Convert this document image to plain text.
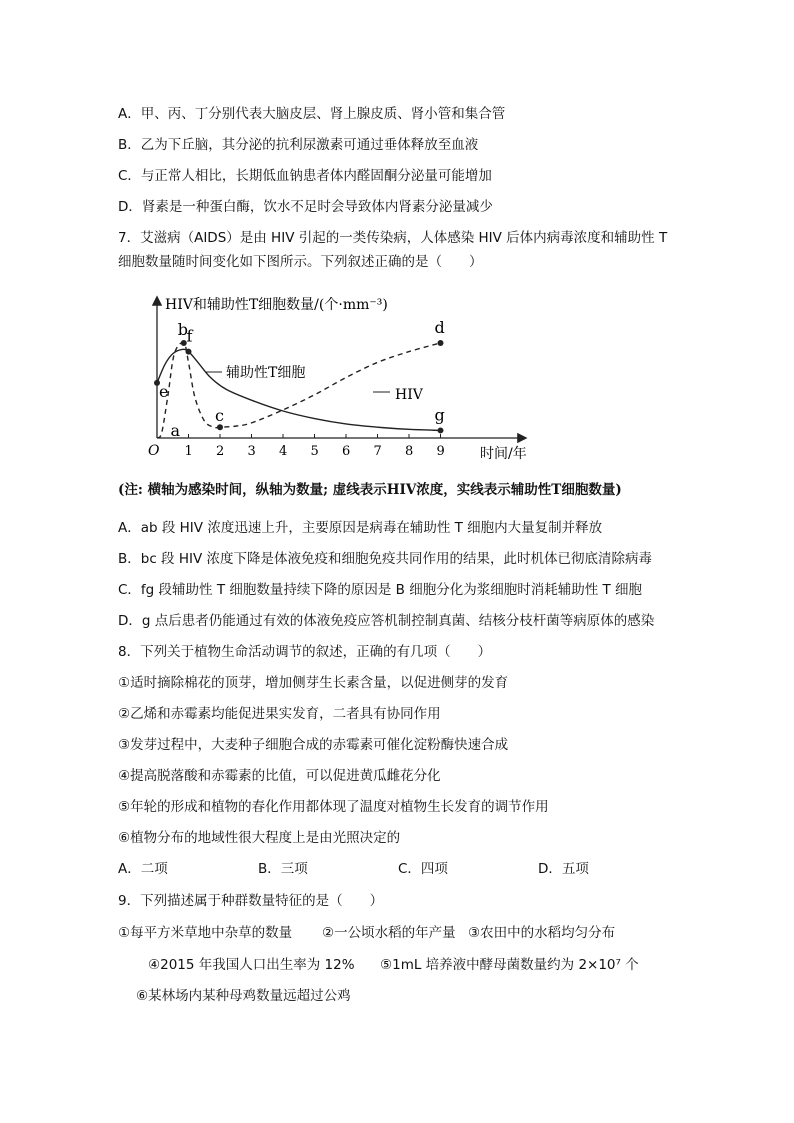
A．甲、丙、丁分别代表大脑皮层、肾上腺皮质、肾小管和集合管
B．乙为下丘脑，其分泌的抗利尿激素可通过垂体释放至血液
C．与正常人相比，长期低血钠患者体内醛固酮分泌量可能增加
D．肾素是一种蛋白酶，饮水不足时会导致体内肾素分泌量减少
7．艾滋病（AIDS）是由 HIV 引起的一类传染病，人体感染 HIV 后体内病毒浓度和辅助性 T
细胞数量随时间变化如下图所示。下列叙述正确的是（　　）
HIV和辅助性T细胞数量/(个·mm⁻³)
时间/年
O 1 2 3 4 5 6 7 8 9
a
b
c
d
e
f
g
辅助性T细胞
HIV
(注: 横轴为感染时间，纵轴为数量; 虚线表示HIV浓度，实线表示辅助性T细胞数量)
A．ab 段 HIV 浓度迅速上升，主要原因是病毒在辅助性 T 细胞内大量复制并释放
B．bc 段 HIV 浓度下降是体液免疫和细胞免疫共同作用的结果，此时机体已彻底清除病毒
C．fg 段辅助性 T 细胞数量持续下降的原因是 B 细胞分化为浆细胞时消耗辅助性 T 细胞
D．g 点后患者仍能通过有效的体液免疫应答机制控制真菌、结核分枝杆菌等病原体的感染
8．下列关于植物生命活动调节的叙述，正确的有几项（　　）
①适时摘除棉花的顶芽，增加侧芽生长素含量，以促进侧芽的发育
②乙烯和赤霉素均能促进果实发育，二者具有协同作用
③发芽过程中，大麦种子细胞合成的赤霉素可催化淀粉酶快速合成
④提高脱落酸和赤霉素的比值，可以促进黄瓜雌花分化
⑤年轮的形成和植物的春化作用都体现了温度对植物生长发育的调节作用
⑥植物分布的地域性很大程度上是由光照决定的
A．二项	B．三项	C．四项	D．五项
9．下列描述属于种群数量特征的是（　　）
①每平方米草地中杂草的数量 ②一公顷水稻的年产量 ③农田中的水稻均匀分布
④2015 年我国人口出生率为 12% ⑤1mL 培养液中酵母菌数量约为 2×10⁷ 个
⑥某林场内某种母鸡数量远超过公鸡
